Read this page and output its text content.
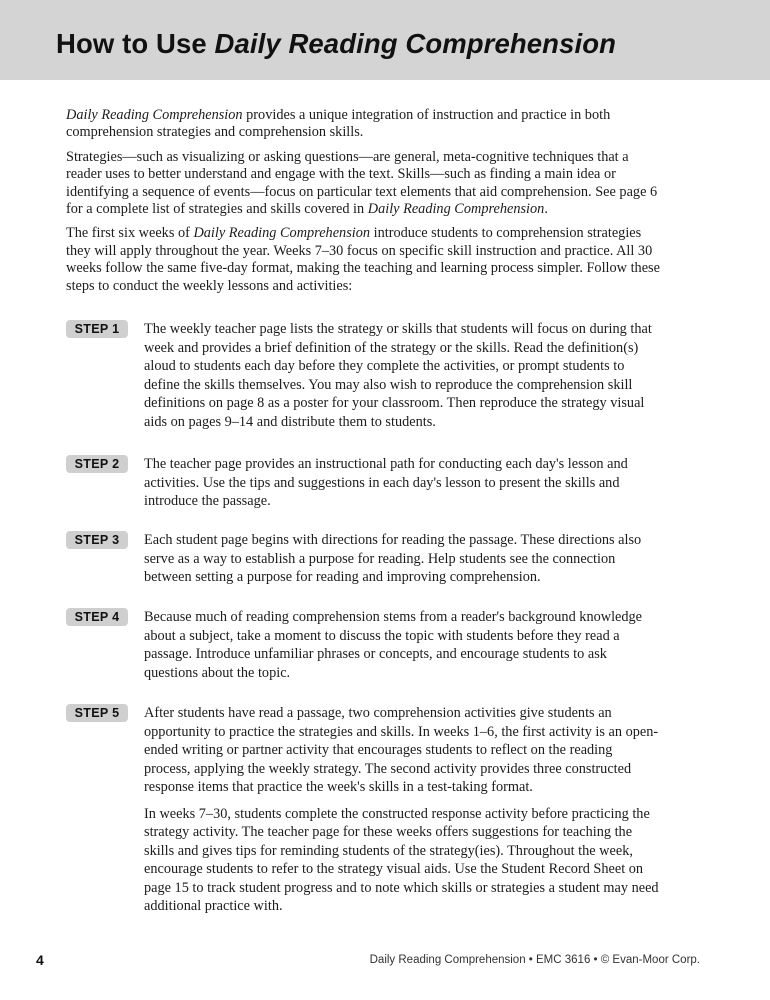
How to Use Daily Reading Comprehension

Daily Reading Comprehension provides a unique integration of instruction and practice in both comprehension strategies and comprehension skills.

Strategies—such as visualizing or asking questions—are general, meta-cognitive techniques that a reader uses to better understand and engage with the text. Skills—such as finding a main idea or identifying a sequence of events—focus on particular text elements that aid comprehension. See page 6 for a complete list of strategies and skills covered in Daily Reading Comprehension.

The first six weeks of Daily Reading Comprehension introduce students to comprehension strategies they will apply throughout the year. Weeks 7–30 focus on specific skill instruction and practice. All 30 weeks follow the same five-day format, making the teaching and learning process simpler. Follow these steps to conduct the weekly lessons and activities:

STEP 1	The weekly teacher page lists the strategy or skills that students will focus on during that week and provides a brief definition of the strategy or the skills. Read the definition(s) aloud to students each day before they complete the activities, or prompt students to define the skills themselves. You may also wish to reproduce the comprehension skill definitions on page 8 as a poster for your classroom. Then reproduce the strategy visual aids on pages 9–14 and distribute them to students.

STEP 2	The teacher page provides an instructional path for conducting each day's lesson and activities. Use the tips and suggestions in each day's lesson to present the skills and introduce the passage.

STEP 3	Each student page begins with directions for reading the passage. These directions also serve as a way to establish a purpose for reading. Help students see the connection between setting a purpose for reading and improving comprehension.

STEP 4	Because much of reading comprehension stems from a reader's background knowledge about a subject, take a moment to discuss the topic with students before they read a passage. Introduce unfamiliar phrases or concepts, and encourage students to ask questions about the topic.

STEP 5	After students have read a passage, two comprehension activities give students an opportunity to practice the strategies and skills. In weeks 1–6, the first activity is an open-ended writing or partner activity that encourages students to reflect on the reading process, applying the weekly strategy. The second activity provides three constructed response items that practice the week's skills in a test-taking format.

In weeks 7–30, students complete the constructed response activity before practicing the strategy activity. The teacher page for these weeks offers suggestions for teaching the skills and gives tips for reminding students of the strategy(ies). Throughout the week, encourage students to refer to the strategy visual aids. Use the Student Record Sheet on page 15 to track student progress and to note which skills or strategies a student may need additional practice with.

4	Daily Reading Comprehension • EMC 3616 • © Evan-Moor Corp.
